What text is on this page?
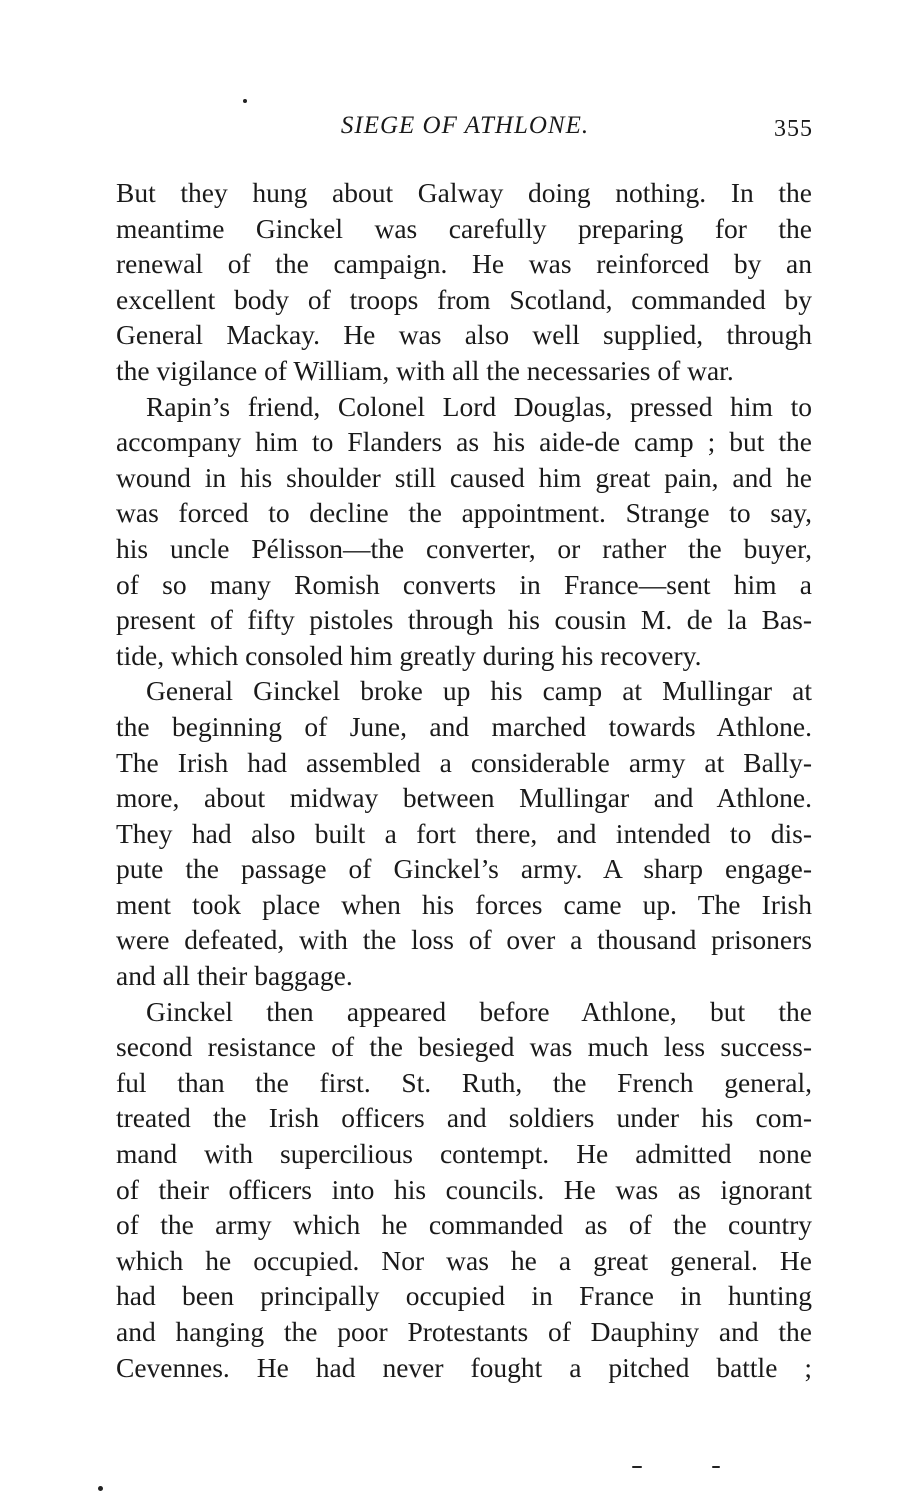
SIEGE OF ATHLONE.	355
But they hung about Galway doing nothing. In the
meantime Ginckel was carefully preparing for the
renewal of the campaign. He was reinforced by an
excellent body of troops from Scotland, commanded by
General Mackay. He was also well supplied, through
the vigilance of William, with all the necessaries of war.
Rapin’s friend, Colonel Lord Douglas, pressed him to
accompany him to Flanders as his aide-de camp ; but the
wound in his shoulder still caused him great pain, and he
was forced to decline the appointment. Strange to say,
his uncle Pélisson—the converter, or rather the buyer,
of so many Romish converts in France—sent him a
present of fifty pistoles through his cousin M. de la Bas-
tide, which consoled him greatly during his recovery.
General Ginckel broke up his camp at Mullingar at
the beginning of June, and marched towards Athlone.
The Irish had assembled a considerable army at Bally-
more, about midway between Mullingar and Athlone.
They had also built a fort there, and intended to dis-
pute the passage of Ginckel’s army. A sharp engage-
ment took place when his forces came up. The Irish
were defeated, with the loss of over a thousand prisoners
and all their baggage.
Ginckel then appeared before Athlone, but the
second resistance of the besieged was much less success-
ful than the first. St. Ruth, the French general,
treated the Irish officers and soldiers under his com-
mand with supercilious contempt. He admitted none
of their officers into his councils. He was as ignorant
of the army which he commanded as of the country
which he occupied. Nor was he a great general. He
had been principally occupied in France in hunting
and hanging the poor Protestants of Dauphiny and the
Cevennes. He had never fought a pitched battle ;
